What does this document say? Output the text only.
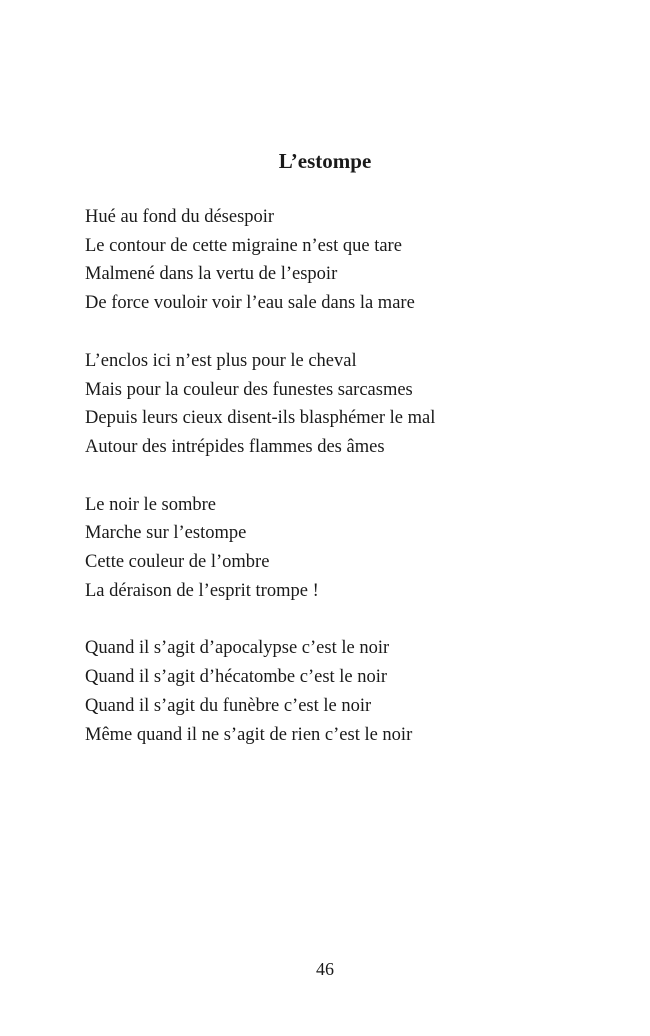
L’estompe

Hué au fond du désespoir

Le contour de cette migraine n’est que tare

Malmené dans la vertu de l’espoir

De force vouloir voir l’eau sale dans la mare

L’enclos ici n’est plus pour le cheval

Mais pour la couleur des funestes sarcasmes

Depuis leurs cieux disent-ils blasphémer le mal

Autour des intrépides flammes des âmes

Le noir le sombre

Marche sur l’estompe

Cette couleur de l’ombre

La déraison de l’esprit trompe !

Quand il s’agit d’apocalypse c’est le noir

Quand il s’agit d’hécatombe c’est le noir

Quand il s’agit du funèbre c’est le noir

Même quand il ne s’agit de rien c’est le noir

46
